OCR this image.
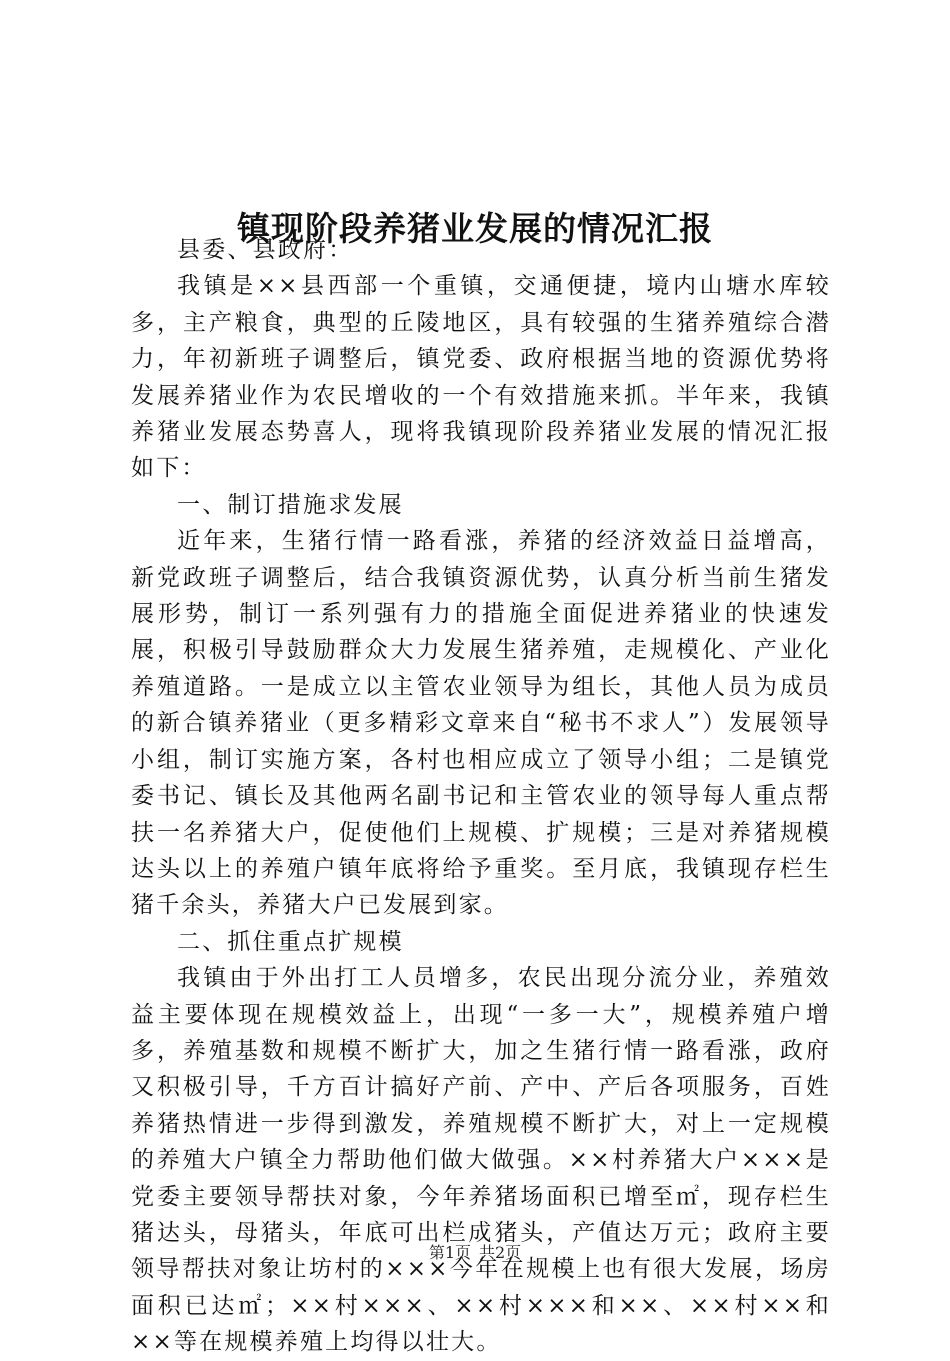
镇现阶段养猪业发展的情况汇报

县委、县政府：

我镇是××县西部一个重镇，交通便捷，境内山塘水库较多，主产粮食，典型的丘陵地区，具有较强的生猪养殖综合潜力，年初新班子调整后，镇党委、政府根据当地的资源优势将发展养猪业作为农民增收的一个有效措施来抓。半年来，我镇养猪业发展态势喜人，现将我镇现阶段养猪业发展的情况汇报如下：

一、制订措施求发展

近年来，生猪行情一路看涨，养猪的经济效益日益增高，新党政班子调整后，结合我镇资源优势，认真分析当前生猪发展形势，制订一系列强有力的措施全面促进养猪业的快速发展，积极引导鼓励群众大力发展生猪养殖，走规模化、产业化养殖道路。一是成立以主管农业领导为组长，其他人员为成员的新合镇养猪业（更多精彩文章来自“秘书不求人”）发展领导小组，制订实施方案，各村也相应成立了领导小组；二是镇党委书记、镇长及其他两名副书记和主管农业的领导每人重点帮扶一名养猪大户，促使他们上规模、扩规模；三是对养猪规模达头以上的养殖户镇年底将给予重奖。至月底，我镇现存栏生猪千余头，养猪大户已发展到家。

二、抓住重点扩规模

我镇由于外出打工人员增多，农民出现分流分业，养殖效益主要体现在规模效益上，出现“一多一大”，规模养殖户增多，养殖基数和规模不断扩大，加之生猪行情一路看涨，政府又积极引导，千方百计搞好产前、产中、产后各项服务，百姓养猪热情进一步得到激发，养殖规模不断扩大，对上一定规模的养殖大户镇全力帮助他们做大做强。××村养猪大户×××是党委主要领导帮扶对象，今年养猪场面积已增至㎡，现存栏生猪达头，母猪头，年底可出栏成猪头，产值达万元；政府主要领导帮扶对象让坊村的×××今年在规模上也有很大发展，场房面积已达㎡；××村×××、××村×××和××、××村××和××等在规模养殖上均得以壮大。

第1页 共2页
